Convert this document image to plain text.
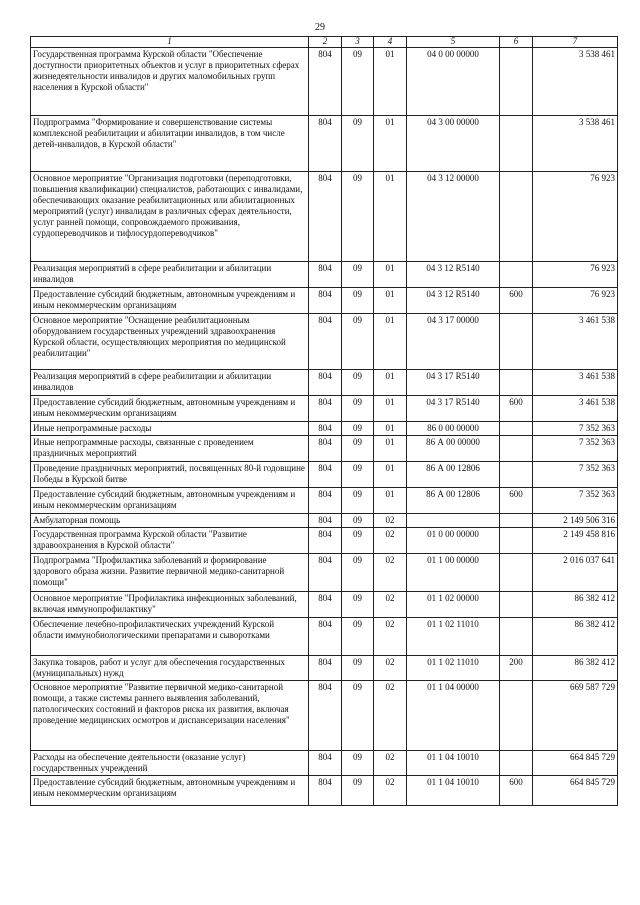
29
1	2	3	4	5	6	7
Государственная программа Курской области "Обеспечение доступности приоритетных объектов и услуг в приоритетных сферах жизнедеятельности инвалидов и других маломобильных групп населения в Курской области"	804	09	01	04 0 00 00000		3 538 461
Подпрограмма "Формирование и совершенствование системы комплексной реабилитации и абилитации инвалидов, в том числе детей-инвалидов, в Курской области"	804	09	01	04 3 00 00000		3 538 461
Основное мероприятие "Организация подготовки (переподготовки, повышения квалификации) специалистов, работающих с инвалидами, обеспечивающих оказание реабилитационных или абилитационных мероприятий (услуг) инвалидам в различных сферах деятельности, услуг ранней помощи, сопровождаемого проживания, сурдопереводчиков и тифлосурдопереводчиков"	804	09	01	04 3 12 00000		76 923
Реализация мероприятий в сфере реабилитации и абилитации инвалидов	804	09	01	04 3 12 R5140		76 923
Предоставление субсидий бюджетным, автономным учреждениям и иным некоммерческим организациям	804	09	01	04 3 12 R5140	600	76 923
Основное мероприятие "Оснащение реабилитационным оборудованием государственных учреждений здравоохранения Курской области, осуществляющих мероприятия по медицинской реабилитации"	804	09	01	04 3 17 00000		3 461 538
Реализация мероприятий в сфере реабилитации и абилитации инвалидов	804	09	01	04 3 17 R5140		3 461 538
Предоставление субсидий бюджетным, автономным учреждениям и иным некоммерческим организациям	804	09	01	04 3 17 R5140	600	3 461 538
Иные непрограммные расходы	804	09	01	86 0 00 00000		7 352 363
Иные непрограммные расходы, связанные с проведением праздничных мероприятий	804	09	01	86 А 00 00000		7 352 363
Проведение праздничных мероприятий, посвященных 80-й годовщине Победы в Курской битве	804	09	01	86 А 00 12806		7 352 363
Предоставление субсидий бюджетным, автономным учреждениям и иным некоммерческим организациям	804	09	01	86 А 00 12806	600	7 352 363
Амбулаторная помощь	804	09	02			2 149 506 316
Государственная программа Курской области "Развитие здравоохранения в Курской области"	804	09	02	01 0 00 00000		2 149 458 816
Подпрограмма "Профилактика заболеваний и формирование здорового образа жизни. Развитие первичной медико-санитарной помощи"	804	09	02	01 1 00 00000		2 016 037 641
Основное мероприятие "Профилактика инфекционных заболеваний, включая иммунопрофилактику"	804	09	02	01 1 02 00000		86 382 412
Обеспечение лечебно-профилактических учреждений Курской области иммунобиологическими препаратами и сыворотками	804	09	02	01 1 02 11010		86 382 412
Закупка товаров, работ и услуг для обеспечения государственных (муниципальных) нужд	804	09	02	01 1 02 11010	200	86 382 412
Основное мероприятие "Развитие первичной медико-санитарной помощи, а также системы раннего выявления заболеваний, патологических состояний и факторов риска их развития, включая проведение медицинских осмотров и диспансеризации населения"	804	09	02	01 1 04 00000		669 587 729
Расходы на обеспечение деятельности (оказание услуг) государственных учреждений	804	09	02	01 1 04 10010		664 845 729
Предоставление субсидий бюджетным, автономным учреждениям и иным некоммерческим организациям	804	09	02	01 1 04 10010	600	664 845 729
